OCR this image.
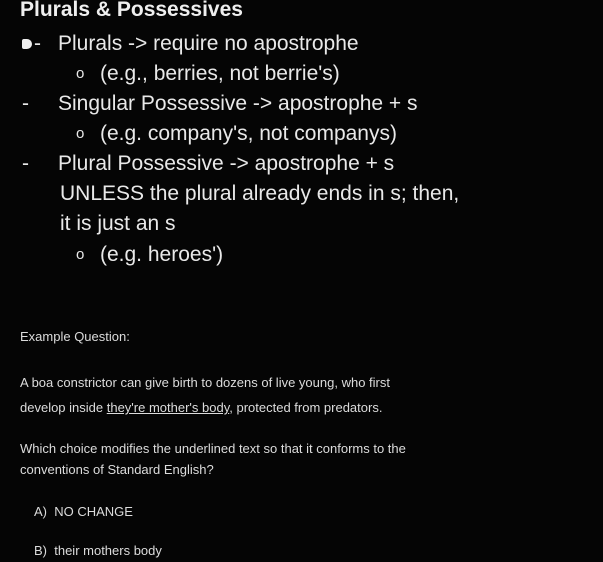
Plurals & Possessives
- Plurals -> require no apostrophe
o (e.g., berries, not berrie's)
- Singular Possessive -> apostrophe + s
o (e.g. company's, not companys)
- Plural Possessive -> apostrophe + s
UNLESS the plural already ends in s; then,
it is just an s
o (e.g. heroes')
Example Question:
A boa constrictor can give birth to dozens of live young, who first
develop inside they're mother's body, protected from predators.
Which choice modifies the underlined text so that it conforms to the
conventions of Standard English?
A) NO CHANGE
B) their mothers body
